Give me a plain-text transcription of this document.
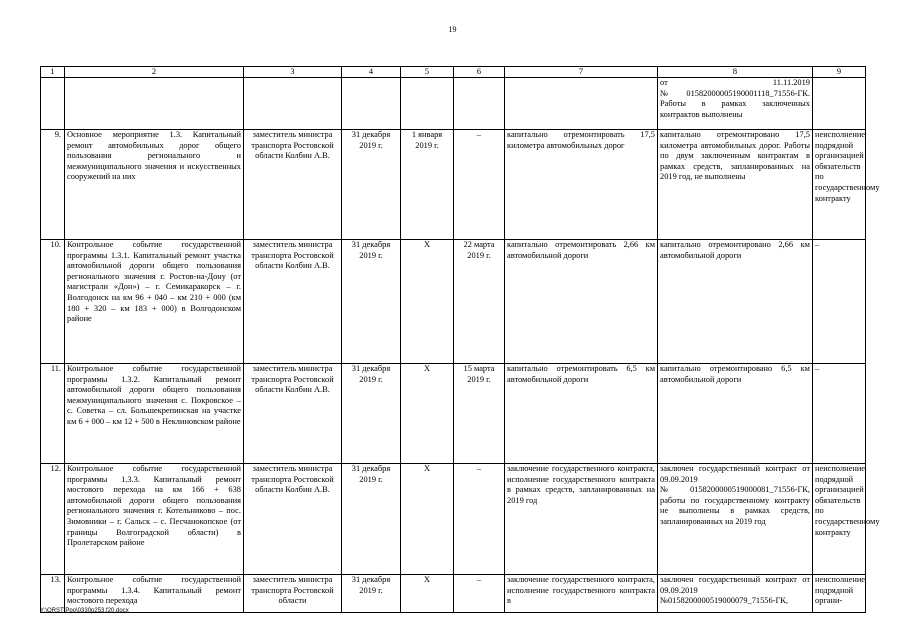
19
1	2	3	4	5	6	7	8	9
							от 11.11.2019 №01582000005190001118_71556-ГК. Работы в рамках заключенных контрактов выполнены	
9.	Основное мероприятие 1.3. Капитальный ремонт автомобильных дорог общего пользования регионального и межмуниципального значения и искусственных сооружений на них	заместитель министра транспорта Ростовской области Колбин А.В.	31 декабря 2019 г.	1 января 2019 г.	–	капитально отремонтировать 17,5 километра автомобильных дорог	капитально отремонтировано 17,5 километра автомобильных дорог. Работы по двум заключенным контрактам в рамках средств, запланированных на 2019 год, не выполнены	неисполнение подрядной организацией обязательств по государственному контракту
10.	Контрольное событие государственной программы 1.3.1. Капитальный ремонт участка автомобильной дороги общего пользования регионального значения г. Ростов-на-Дону (от магистрали «Дон») – г. Семикаракорск – г. Волгодонск на км 96 + 040 – км 210 + 000 (км 180 + 320 – км 183 + 000) в Волгодонском районе	заместитель министра транспорта Ростовской области Колбин А.В.	31 декабря 2019 г.	Х	22 марта 2019 г.	капитально отремонтировать 2,66 км автомобильной дороги	капитально отремонтировано 2,66 км автомобильной дороги	–
11.	Контрольное событие государственной программы 1.3.2. Капитальный ремонт автомобильной дороги общего пользования межмуниципального значения с. Покровское – с. Советка – сл. Большекрепинская на участке км 6 + 000 – км 12 + 500 в Неклиновском районе	заместитель министра транспорта Ростовской области Колбин А.В.	31 декабря 2019 г.	Х	15 марта 2019 г.	капитально отремонтировать 6,5 км автомобильной дороги	капитально отремонтировано 6,5 км автомобильной дороги	–
12.	Контрольное событие государственной программы 1.3.3. Капитальный ремонт мостового перехода на км 166 + 638 автомобильной дороги общего пользования регионального значения г. Котельниково – пос. Зимовники – г. Сальск – с. Песчанокопское (от границы Волгоградской области) в Пролетарском районе	заместитель министра транспорта Ростовской области Колбин А.В.	31 декабря 2019 г.	Х	–	заключение государственного контракта, исполнение государственного контракта в рамках средств, запланированных на 2019 год	заключен государственный контракт от 09.09.2019 №0158200000519000081_71556-ГК, работы по государственному контракту не выполнены в рамках средств, запланированных на 2019 год	неисполнение подрядной организацией обязательств по государственному контракту
13.	Контрольное событие государственной программы 1.3.4. Капитальный ремонт мостового перехода	заместитель министра транспорта Ростовской области	31 декабря 2019 г.	Х	–	заключение государственного контракта, исполнение государственного контракта в	заключен государственный контракт от 09.09.2019 №0158200000519000079_71556-ГК,	неисполнение подрядной органи-
Y:\ORST\Ppo\0330p253.f20.docx
